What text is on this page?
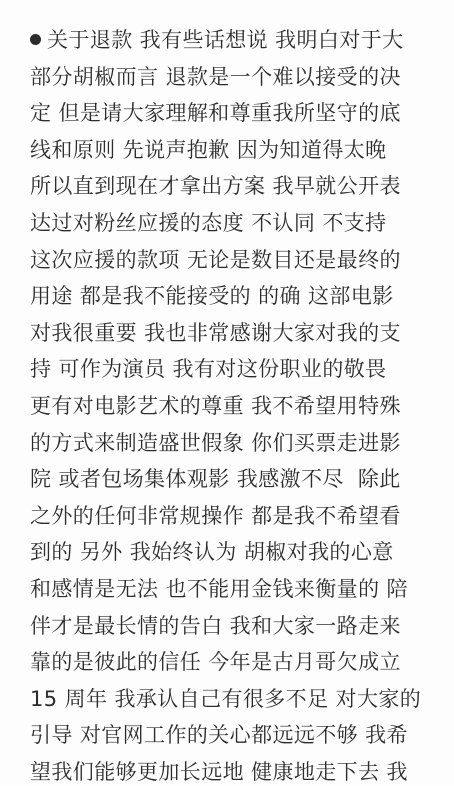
关于退款 我有些话想说 我明白对于大
部分胡椒而言 退款是一个难以接受的决
定 但是请大家理解和尊重我所坚守的底
线和原则 先说声抱歉 因为知道得太晚
所以直到现在才拿出方案 我早就公开表
达过对粉丝应援的态度 不认同 不支持
这次应援的款项 无论是数目还是最终的
用途 都是我不能接受的 的确 这部电影
对我很重要 我也非常感谢大家对我的支
持 可作为演员 我有对这份职业的敬畏
更有对电影艺术的尊重 我不希望用特殊
的方式来制造盛世假象 你们买票走进影
院 或者包场集体观影 我感激不尽  除此
之外的任何非常规操作 都是我不希望看
到的 另外 我始终认为 胡椒对我的心意
和感情是无法 也不能用金钱来衡量的 陪
伴才是最长情的告白 我和大家一路走来
靠的是彼此的信任 今年是古月哥欠成立
15 周年 我承认自己有很多不足 对大家的
引导 对官网工作的关心都远远不够 我希
望我们能够更加长远地 健康地走下去 我
